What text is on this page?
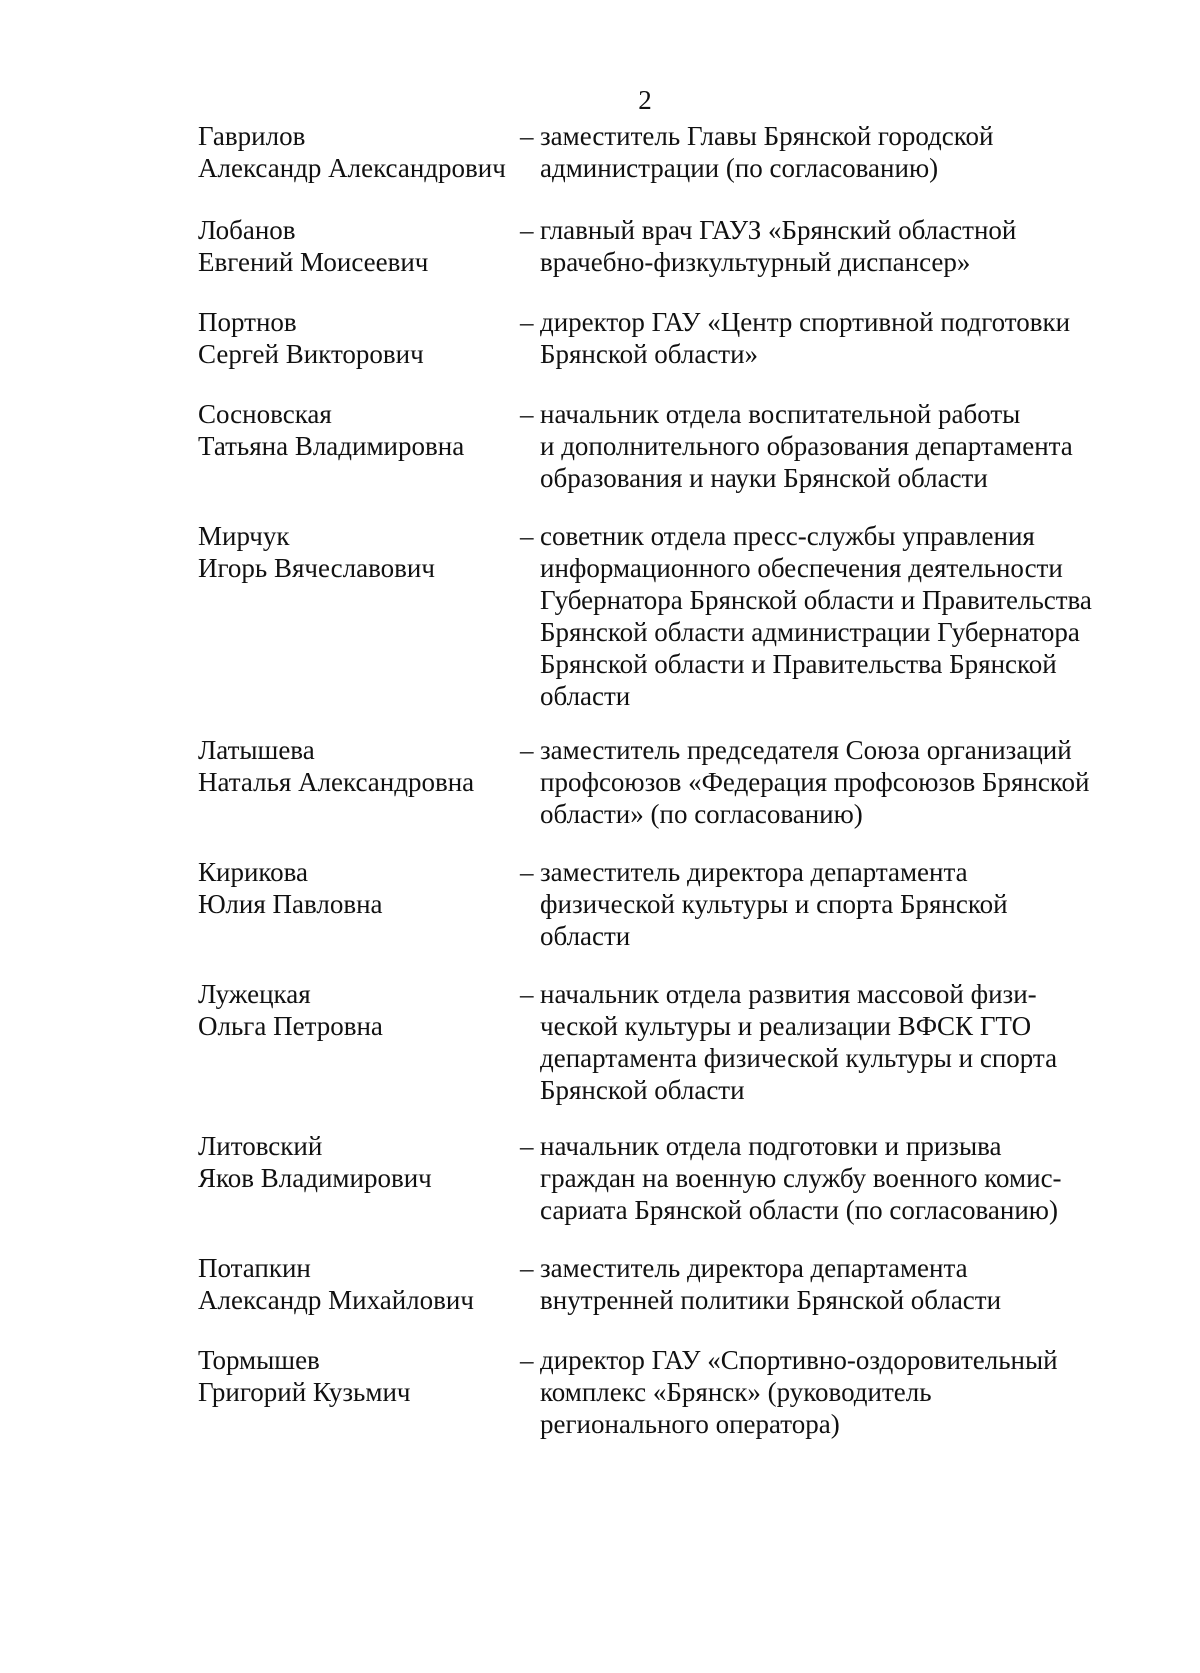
2
Гаврилов
Александр Александрович
– заместитель Главы Брянской городской
администрации (по согласованию)
Лобанов
Евгений Моисеевич
– главный врач ГАУЗ «Брянский областной
врачебно-физкультурный диспансер»
Портнов
Сергей Викторович
– директор ГАУ «Центр спортивной подготовки
Брянской области»
Сосновская
Татьяна Владимировна
– начальник отдела воспитательной работы
и дополнительного образования департамента
образования и науки Брянской области
Мирчук
Игорь Вячеславович
– советник отдела пресс-службы управления
информационного обеспечения деятельности
Губернатора Брянской области и Правительства
Брянской области администрации Губернатора
Брянской области и Правительства Брянской
области
Латышева
Наталья Александровна
– заместитель председателя Союза организаций
профсоюзов «Федерация профсоюзов Брянской
области» (по согласованию)
Кирикова
Юлия Павловна
– заместитель директора департамента
физической культуры и спорта Брянской
области
Лужецкая
Ольга Петровна
– начальник отдела развития массовой физи-
ческой культуры и реализации ВФСК ГТО
департамента физической культуры и спорта
Брянской области
Литовский
Яков Владимирович
– начальник отдела подготовки и призыва
граждан на военную службу военного комис-
сариата Брянской области (по согласованию)
Потапкин
Александр Михайлович
– заместитель директора департамента
внутренней политики Брянской области
Тормышев
Григорий Кузьмич
– директор ГАУ «Спортивно-оздоровительный
комплекс «Брянск» (руководитель
регионального оператора)
